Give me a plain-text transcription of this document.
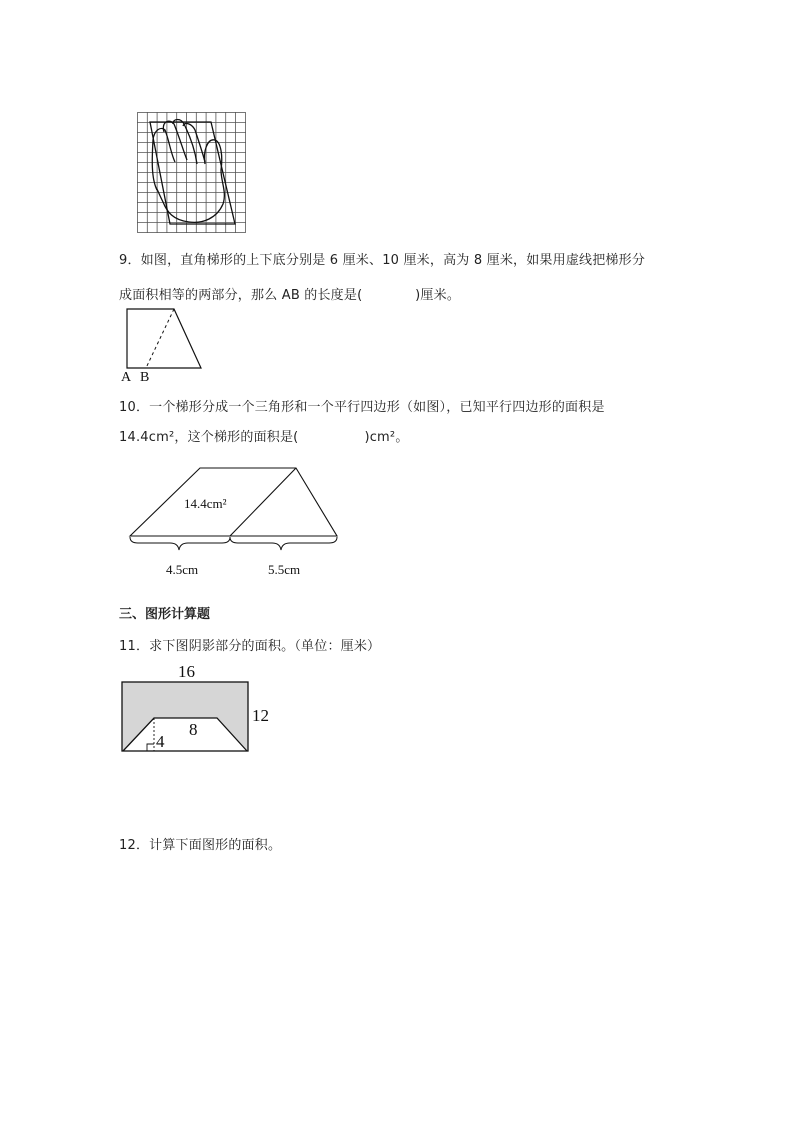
9．如图，直角梯形的上下底分别是 6 厘米、10 厘米，高为 8 厘米，如果用虚线把梯形分
成面积相等的两部分，那么 AB 的长度是(　　　　)厘米。
A B
10．一个梯形分成一个三角形和一个平行四边形（如图），已知平行四边形的面积是
14.4cm²，这个梯形的面积是(　　　　　)cm²。
14.4cm²
4.5cm	5.5cm
三、图形计算题
11．求下图阴影部分的面积。（单位：厘米）
16
12
8
4
12．计算下面图形的面积。
